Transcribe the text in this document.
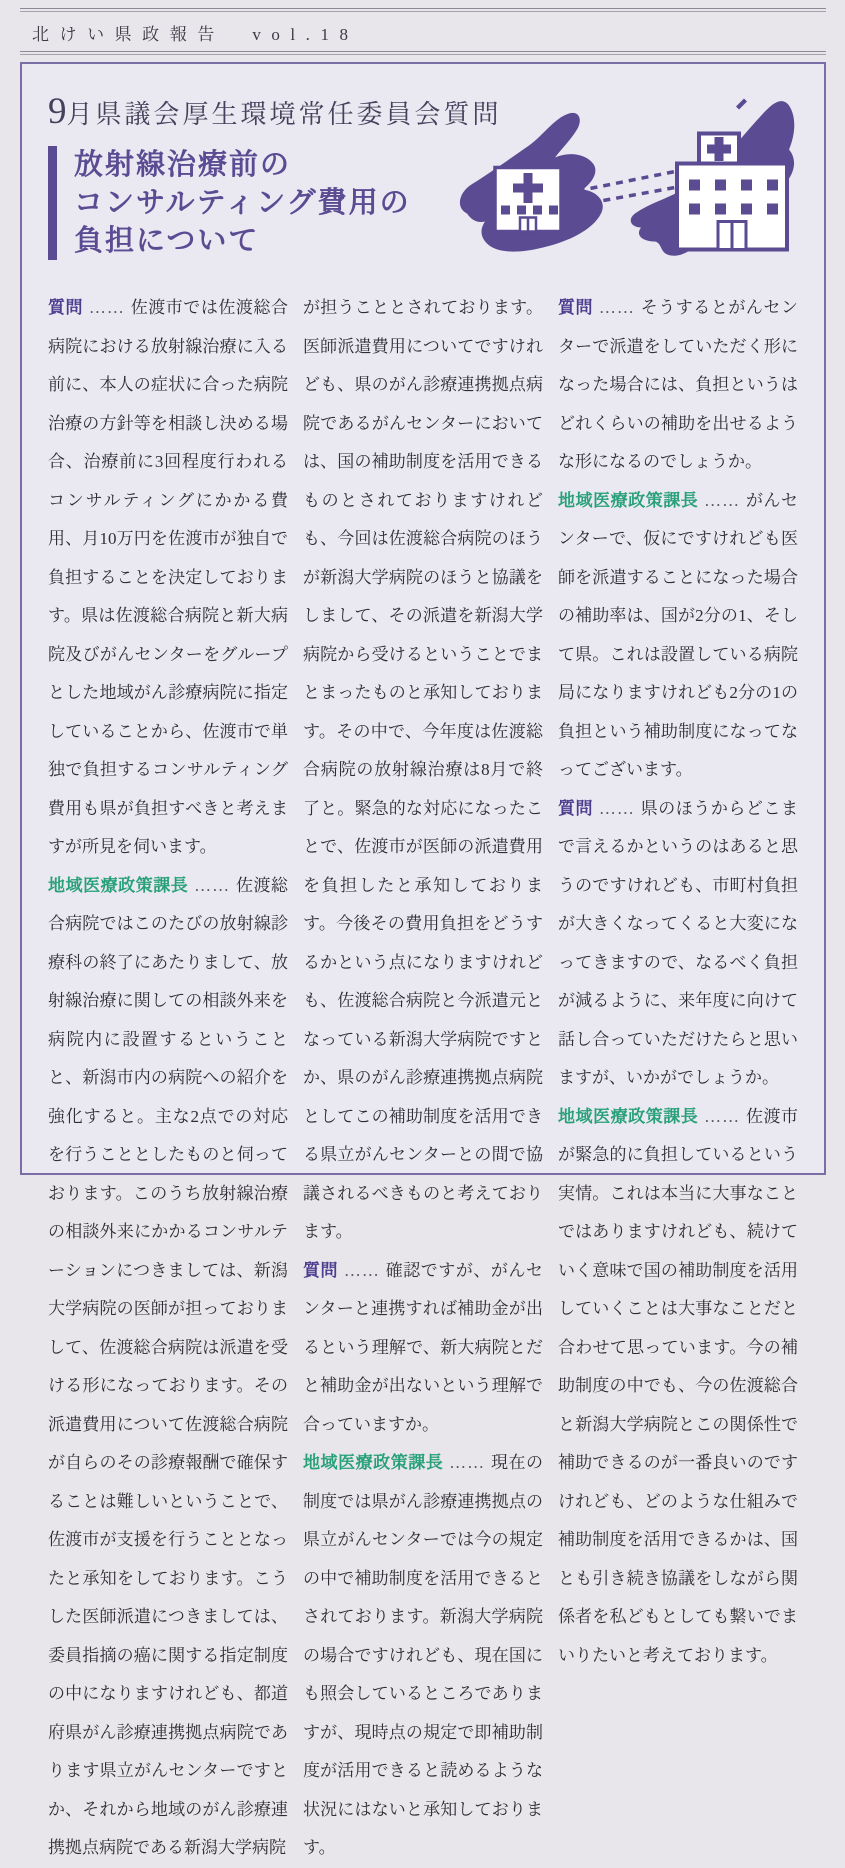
北けい県政報告　vol.18
9月県議会厚生環境常任委員会質問
放射線治療前の
コンサルティング費用の
負担について

質問 …… 佐渡市では佐渡総合病院における放射線治療に入る前に、本人の症状に合った病院治療の方針等を相談し決める場合、治療前に3回程度行われるコンサルティングにかかる費用、月10万円を佐渡市が独自で負担することを決定しております。県は佐渡総合病院と新大病院及びがんセンターをグループとした地域がん診療病院に指定していることから、佐渡市で単独で負担するコンサルティング費用も県が負担すべきと考えますが所見を伺います。

地域医療政策課長 …… 佐渡総合病院ではこのたびの放射線診療科の終了にあたりまして、放射線治療に関しての相談外来を病院内に設置するということと、新潟市内の病院への紹介を強化すると。主な2点での対応を行うこととしたものと伺っております。このうち放射線治療の相談外来にかかるコンサルテーションにつきましては、新潟大学病院の医師が担っておりまして、佐渡総合病院は派遣を受ける形になっております。その派遣費用について佐渡総合病院が自らのその診療報酬で確保することは難しいということで、佐渡市が支援を行うこととなったと承知をしております。こうした医師派遣につきましては、委員指摘の癌に関する指定制度の中になりますけれども、都道府県がん診療連携拠点病院であります県立がんセンターですとか、それから地域のがん診療連携拠点病院である新潟大学病院

が担うこととされております。医師派遣費用についてですけれども、県のがん診療連携拠点病院であるがんセンターにおいては、国の補助制度を活用できるものとされておりますけれども、今回は佐渡総合病院のほうが新潟大学病院のほうと協議をしまして、その派遣を新潟大学病院から受けるということでまとまったものと承知しております。その中で、今年度は佐渡総合病院の放射線治療は8月で終了と。緊急的な対応になったことで、佐渡市が医師の派遣費用を負担したと承知しております。今後その費用負担をどうするかという点になりますけれども、佐渡総合病院と今派遣元となっている新潟大学病院ですとか、県のがん診療連携拠点病院としてこの補助制度を活用できる県立がんセンターとの間で協議されるべきものと考えております。

質問 …… 確認ですが、がんセンターと連携すれば補助金が出るという理解で、新大病院とだと補助金が出ないという理解で合っていますか。

地域医療政策課長 …… 現在の制度では県がん診療連携拠点の県立がんセンターでは今の規定の中で補助制度を活用できるとされております。新潟大学病院の場合ですけれども、現在国にも照会しているところでありますが、現時点の規定で即補助制度が活用できると読めるような状況にはないと承知しております。

質問 …… そうするとがんセンターで派遣をしていただく形になった場合には、負担というはどれくらいの補助を出せるような形になるのでしょうか。

地域医療政策課長 …… がんセンターで、仮にですけれども医師を派遣することになった場合の補助率は、国が2分の1、そして県。これは設置している病院局になりますけれども2分の1の負担という補助制度になってなってございます。

質問 …… 県のほうからどこまで言えるかというのはあると思うのですけれども、市町村負担が大きくなってくると大変になってきますので、なるべく負担が減るように、来年度に向けて話し合っていただけたらと思いますが、いかがでしょうか。

地域医療政策課長 …… 佐渡市が緊急的に負担しているという実情。これは本当に大事なことではありますけれども、続けていく意味で国の補助制度を活用していくことは大事なことだと合わせて思っています。今の補助制度の中でも、今の佐渡総合と新潟大学病院とこの関係性で補助できるのが一番良いのですけれども、どのような仕組みで補助制度を活用できるかは、国とも引き続き協議をしながら関係者を私どもとしても繋いでまいりたいと考えております。
